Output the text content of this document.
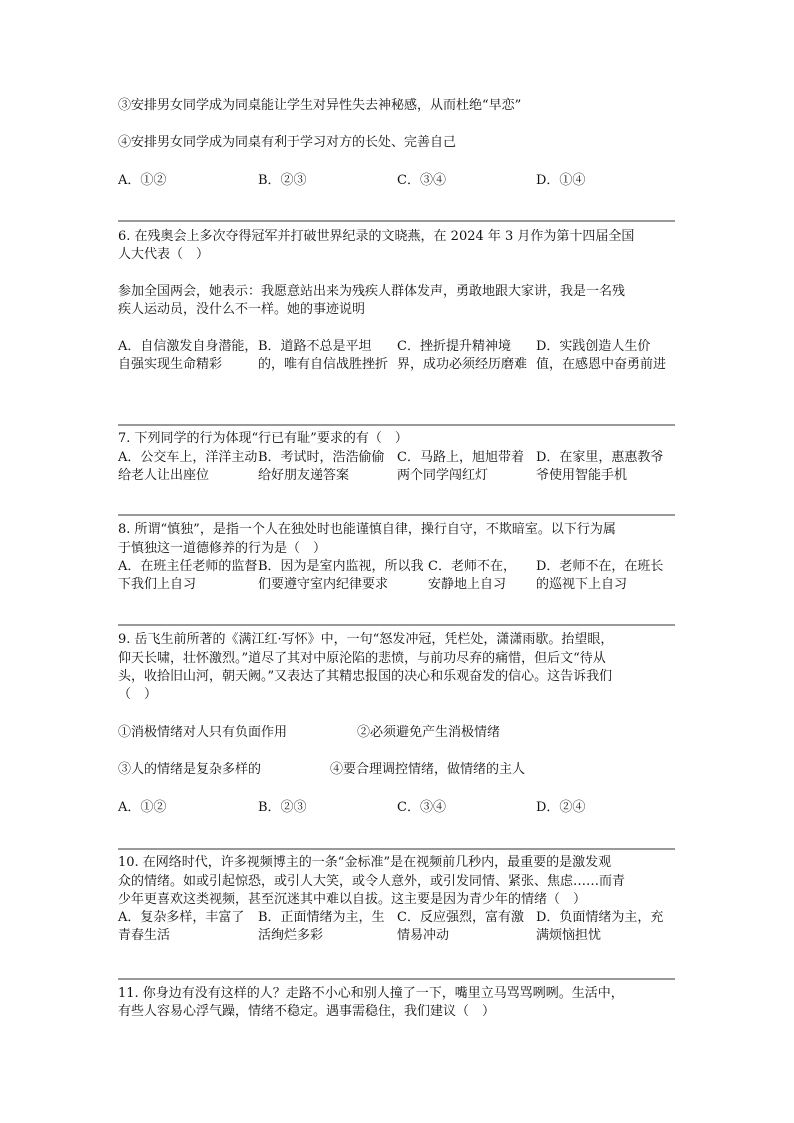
③安排男女同学成为同桌能让学生对异性失去神秘感，从而杜绝“早恋”
④安排男女同学成为同桌有利于学习对方的长处、完善自己
A．①②	B．②③	C．③④	D．①④
6. 在残奥会上多次夺得冠军并打破世界纪录的文晓燕，在 2024 年 3 月作为第十四届全国
人大代表（　）
参加全国两会，她表示：我愿意站出来为残疾人群体发声，勇敢地跟大家讲，我是一名残
疾人运动员，没什么不一样。她的事迹说明
A．自信激发自身潜能，自强实现生命精彩
B．道路不总是平坦的，唯有自信战胜挫折
C．挫折提升精神境界，成功必须经历磨难
D．实践创造人生价值，在感恩中奋勇前进
7. 下列同学的行为体现“行已有耻”要求的有（　）
A．公交车上，洋洋主动给老人让出座位
B．考试时，浩浩偷偷给好朋友递答案
C．马路上，旭旭带着两个同学闯红灯
D．在家里，惠惠教爷爷使用智能手机
8. 所谓“慎独”，是指一个人在独处时也能谨慎自律，操行自守，不欺暗室。以下行为属
于慎独这一道德修养的行为是（　）
A．在班主任老师的监督下我们上自习
B．因为是室内监视，所以我们要遵守室内纪律要求
C．老师不在，安静地上自习
D．老师不在，在班长的巡视下上自习
9. 岳飞生前所著的《满江红·写怀》中，一句“怒发冲冠，凭栏处，潇潇雨歇。抬望眼，
仰天长啸，壮怀激烈。”道尽了其对中原沦陷的悲愤，与前功尽弃的痛惜，但后文“待从
头，收拾旧山河，朝天阙。”又表达了其精忠报国的决心和乐观奋发的信心。这告诉我们
（　）
①消极情绪对人只有负面作用	②必须避免产生消极情绪
③人的情绪是复杂多样的	④要合理调控情绪，做情绪的主人
A．①②	B．②③	C．③④	D．②④
10. 在网络时代，许多视频博主的一条“金标准”是在视频前几秒内，最重要的是激发观
众的情绪。如或引起惊恐，或引人大笑，或令人意外，或引发同情、紧张、焦虑……而青
少年更喜欢这类视频，甚至沉迷其中难以自拔。这主要是因为青少年的情绪（　）
A．复杂多样，丰富了青春生活
B．正面情绪为主，生活绚烂多彩
C．反应强烈，富有激情易冲动
D．负面情绪为主，充满烦恼担忧
11. 你身边有没有这样的人？走路不小心和别人撞了一下，嘴里立马骂骂咧咧。生活中，
有些人容易心浮气躁，情绪不稳定。遇事需稳住，我们建议（　）
